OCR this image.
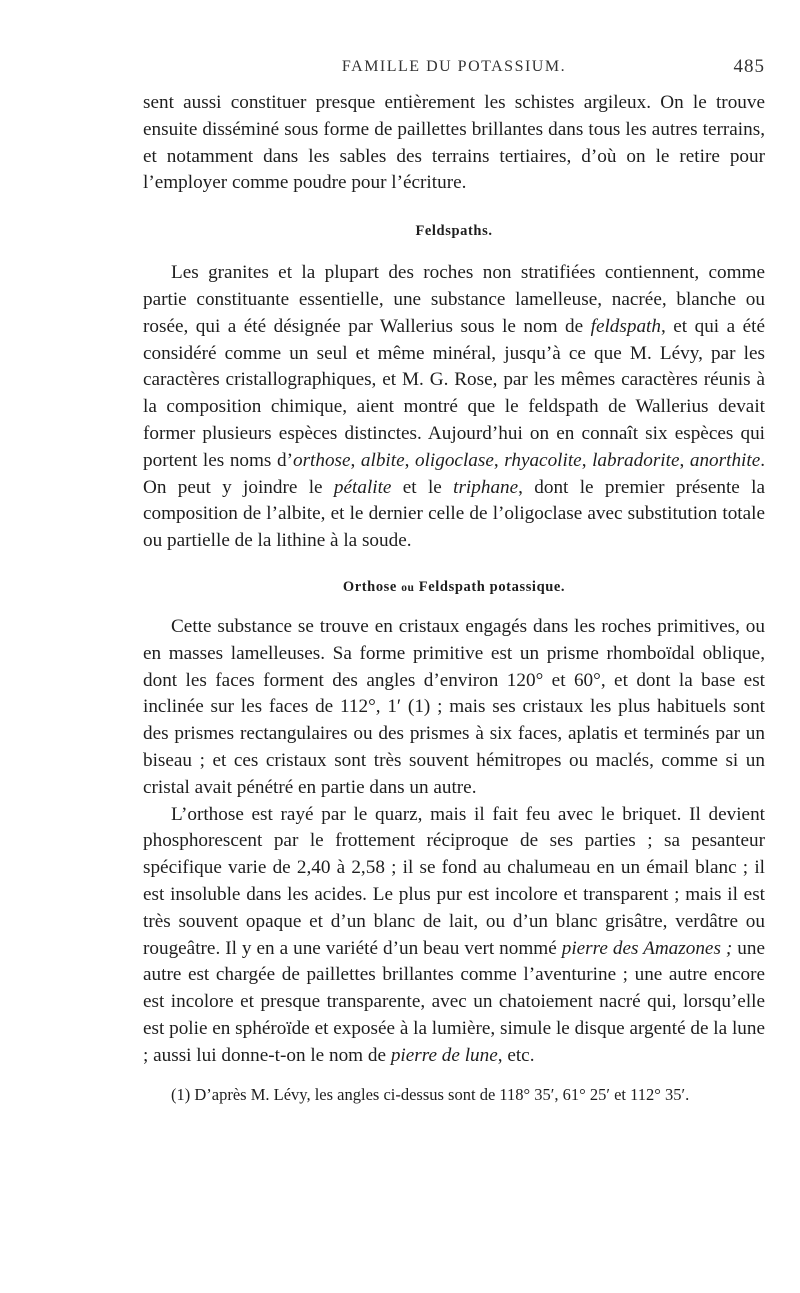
FAMILLE DU POTASSIUM.	485

sent aussi constituer presque entièrement les schistes argileux. On le trouve ensuite disséminé sous forme de paillettes brillantes dans tous les autres terrains, et notamment dans les sables des terrains tertiaires, d’où on le retire pour l’employer comme poudre pour l’écriture.

Feldspaths.

Les granites et la plupart des roches non stratifiées contiennent, comme partie constituante essentielle, une substance lamelleuse, nacrée, blanche ou rosée, qui a été désignée par Wallerius sous le nom de feldspath, et qui a été considéré comme un seul et même minéral, jusqu’à ce que M. Lévy, par les caractères cristallographiques, et M. G. Rose, par les mêmes caractères réunis à la composition chimique, aient montré que le feldspath de Wallerius devait former plusieurs espèces distinctes. Aujourd’hui on en connaît six espèces qui portent les noms d’orthose, albite, oligoclase, rhyacolite, labradorite, anorthite. On peut y joindre le pétalite et le triphane, dont le premier présente la composition de l’albite, et le dernier celle de l’oligoclase avec substitution totale ou partielle de la lithine à la soude.

Orthose ou Feldspath potassique.

Cette substance se trouve en cristaux engagés dans les roches primitives, ou en masses lamelleuses. Sa forme primitive est un prisme rhomboïdal oblique, dont les faces forment des angles d’environ 120° et 60°, et dont la base est inclinée sur les faces de 112°, 1′ (1) ; mais ses cristaux les plus habituels sont des prismes rectangulaires ou des prismes à six faces, aplatis et terminés par un biseau ; et ces cristaux sont très souvent hémitropes ou maclés, comme si un cristal avait pénétré en partie dans un autre.

L’orthose est rayé par le quarz, mais il fait feu avec le briquet. Il devient phosphorescent par le frottement réciproque de ses parties ; sa pesanteur spécifique varie de 2,40 à 2,58 ; il se fond au chalumeau en un émail blanc ; il est insoluble dans les acides. Le plus pur est incolore et transparent ; mais il est très souvent opaque et d’un blanc de lait, ou d’un blanc grisâtre, verdâtre ou rougeâtre. Il y en a une variété d’un beau vert nommé pierre des Amazones ; une autre est chargée de paillettes brillantes comme l’aventurine ; une autre encore est incolore et presque transparente, avec un chatoiement nacré qui, lorsqu’elle est polie en sphéroïde et exposée à la lumière, simule le disque argenté de la lune ; aussi lui donne-t-on le nom de pierre de lune, etc.

(1) D’après M. Lévy, les angles ci-dessus sont de 118° 35′, 61° 25′ et 112° 35′.
